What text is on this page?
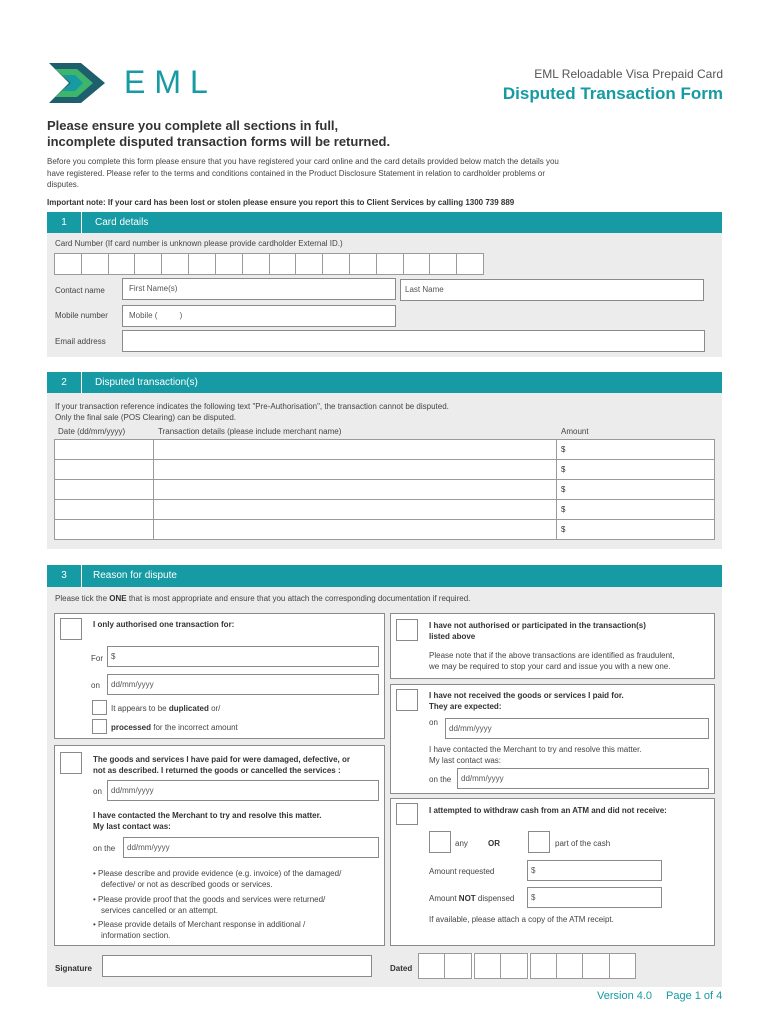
EML	EML Reloadable Visa Prepaid Card
Disputed Transaction Form
Please ensure you complete all sections in full,
incomplete disputed transaction forms will be returned.
Before you complete this form please ensure that you have registered your card online and the card details provided below match the details you
have registered. Please refer to the terms and conditions contained in the Product Disclosure Statement in relation to cardholder problems or
disputes.
Important note: If your card has been lost or stolen please ensure you report this to Client Services by calling 1300 739 889
1	Card details
Card Number (If card number is unknown please provide cardholder External ID.)

Contact name	First Name(s)	Last Name
Mobile number	Mobile (          )
Email address
2	Disputed transaction(s)
If your transaction reference indicates the following text "Pre-Authorisation", the transaction cannot be disputed.
Only the final sale (POS Clearing) can be disputed.
Date (dd/mm/yyyy)	Transaction details (please include merchant name)	Amount
		$
		$
		$
		$
		$
3	Reason for dispute
Please tick the ONE that is most appropriate and ensure that you attach the corresponding documentation if required.
I only authorised one transaction for:
For $
on dd/mm/yyyy
It appears to be duplicated or/
processed for the incorrect amount
The goods and services I have paid for were damaged, defective, or
not as described. I returned the goods or cancelled the services :
on dd/mm/yyyy
I have contacted the Merchant to try and resolve this matter.
My last contact was:
on the dd/mm/yyyy
• Please describe and provide evidence (e.g. invoice) of the damaged/
defective/ or not as described goods or services.
• Please provide proof that the goods and services were returned/
services cancelled or an attempt.
• Please provide details of Merchant response in additional /
information section.
I have not authorised or participated in the transaction(s)
listed above
Please note that if the above transactions are identified as fraudulent,
we may be required to stop your card and issue you with a new one.
I have not received the goods or services I paid for.
They are expected:
on
dd/mm/yyyy
I have contacted the Merchant to try and resolve this matter.
My last contact was:
on the dd/mm/yyyy
I attempted to withdraw cash from an ATM and did not receive:
any	OR	part of the cash
Amount requested	$
Amount NOT dispensed $
If available, please attach a copy of the ATM receipt.
Signature	Dated

Version 4.0 Page 1 of 4
